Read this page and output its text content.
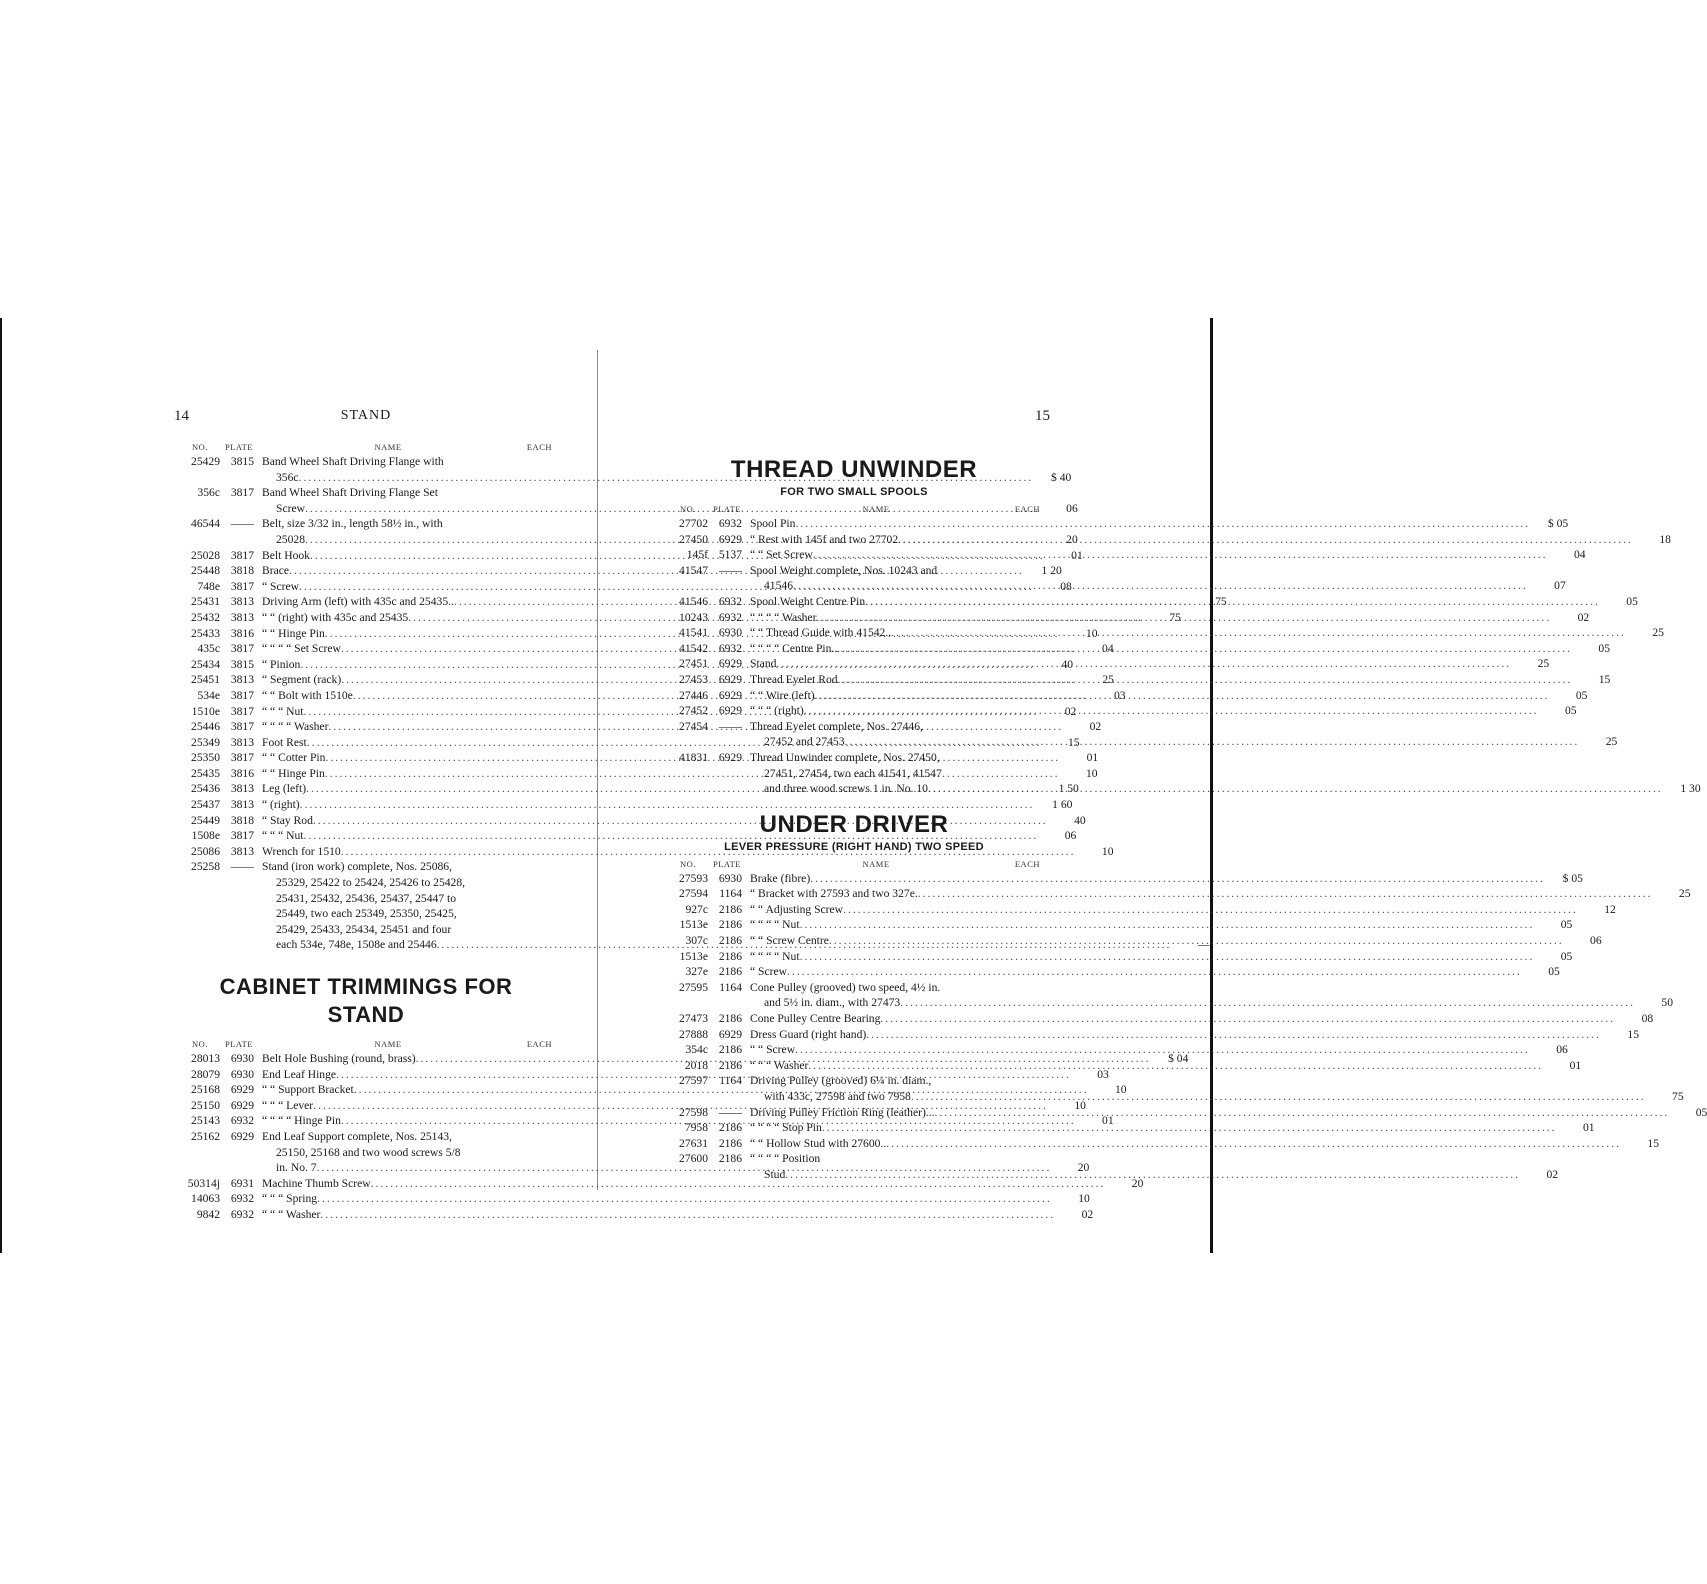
14	STAND
NO.	PLATE	NAME	EACH
25429 3815 Band Wheel Shaft Driving Flange with
356c .....	$ 40
356c 3817 Band Wheel Shaft Driving Flange Set
Screw .....	06
46544 —— Belt, size 3/32 in., length 58½ in., with
25028 .....	20
25028 3817 Belt Hook .....	01
25448 3818 Brace .....	1 20
748e 3817 “ Screw .....	08
25431 3813 Driving Arm (left) with 435c and 25435.. .....	75
25432 3813 “ “ (right) with 435c and 25435 .....	75
25433 3816 “ “ Hinge Pin .....	10
435c 3817 “ “ “ “ Set Screw .....	04
25434 3815 “ Pinion .....	40
25451 3813 “ Segment (rack) .....	25
534e 3817 “ “ Bolt with 1510e .....	03
1510e 3817 “ “ “ Nut .....	02
25446 3817 “ “ “ “ Washer .....	02
25349 3813 Foot Rest .....	15
25350 3817 “ “ Cotter Pin .....	01
25435 3816 “ “ Hinge Pin .....	10
25436 3813 Leg (left) .....	1 50
25437 3813 “ (right) .....	1 60
25449 3818 “ Stay Rod .....	40
1508e 3817 “ “ “ Nut .....	06
25086 3813 Wrench for 1510 .....	10
25258 —— Stand (iron work) complete, Nos. 25086,
25329, 25422 to 25424, 25426 to 25428,
25431, 25432, 25436, 25437, 25447 to
25449, two each 25349, 25350, 25425,
25429, 25433, 25434, 25451 and four
each 534e, 748e, 1508e and 25446 .....	—
CABINET TRIMMINGS FOR STAND
NO.	PLATE	NAME	EACH
28013 6930 Belt Hole Bushing (round, brass) .....	$ 04
28079 6930 End Leaf Hinge .....	03
25168 6929 “ “ Support Bracket .....	10
25150 6929 “ “ “ Lever .....	10
25143 6932 “ “ “ “ Hinge Pin .....	01
25162 6929 End Leaf Support complete, Nos. 25143,
25150, 25168 and two wood screws 5/8
in. No. 7 .....	20
50314j 6931 Machine Thumb Screw .....	20
14063 6932 “ “ “ Spring .....	10
9842 6932 “ “ “ Washer .....	02
15
THREAD UNWINDER
FOR TWO SMALL SPOOLS
NO.	PLATE	NAME	EACH
27702 6932 Spool Pin .....	$ 05
27450 6929 “ Rest with 145f and two 27702 .....	18
145f 5137 “ “ Set Screw .....	04
41547 —— Spool Weight complete, Nos. 10243 and
41546 .....	07
41546 6932 Spool Weight Centre Pin .....	05
10243 6932 “ “ “ “ Washer .....	02
41541 6930 “ “ Thread Guide with 41542.. .....	25
41542 6932 “ “ “ “ Centre Pin.. .....	05
27451 6929 Stand .....	25
27453 6929 Thread Eyelet Rod .....	15
27446 6929 “ “ Wire (left) .....	05
27452 6929 “ “ “ (right) .....	05
27454 —— Thread Eyelet complete, Nos. 27446,
27452 and 27453 .....	25
41831 6929 Thread Unwinder complete, Nos. 27450,
27451, 27454, two each 41541, 41547
and three wood screws 1 in. No. 10 .....	1 30
UNDER DRIVER
LEVER PRESSURE (RIGHT HAND) TWO SPEED
NO.	PLATE	NAME	EACH
27593 6930 Brake (fibre) .....	$ 05
27594 1164 “ Bracket with 27593 and two 327e. .....	25
927c 2186 “ “ Adjusting Screw .....	12
1513e 2186 “ “ “ “ Nut .....	05
307c 2186 “ “ Screw Centre .....	06
1513e 2186 “ “ “ “ Nut .....	05
327e 2186 “ Screw .....	05
27595 1164 Cone Pulley (grooved) two speed, 4½ in.
and 5½ in. diam., with 27473 .....	50
27473 2186 Cone Pulley Centre Bearing .....	08
27888 6929 Dress Guard (right hand) .....	15
354c 2186 “ “ Screw .....	06
2018 2186 “ “ “ Washer .....	01
27597 1164 Driving Pulley (grooved) 6¼ in. diam.,
with 433c, 27598 and two 7958 .....	75
27598 —— Driving Pulley Friction Ring (leather)... .....	05
7958 2186 “ “ “ “ Stop Pin .....	01
27631 2186 “ “ Hollow Stud with 27600.. .....	15
27600 2186 “ “ “ “ Position
Stud .....	02
